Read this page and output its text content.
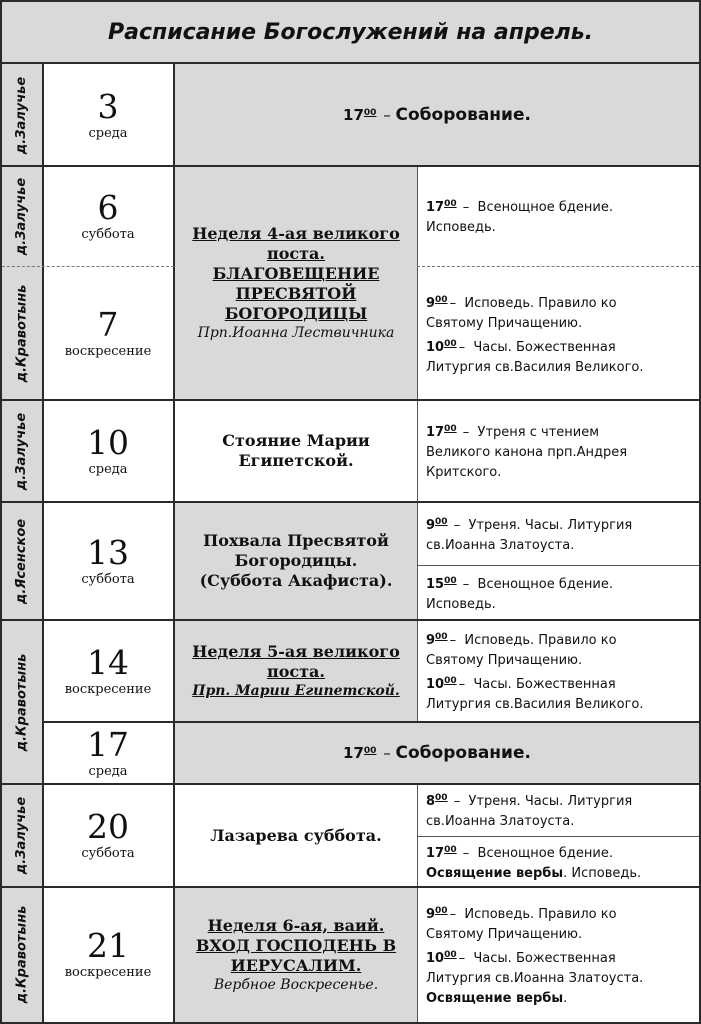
Расписание Богослужений на апрель.
д.Залучье
д.Залучье
д.Кравотынь
д.Залучье
д.Ясенское
д.Кравотынь
д.Залучье
д.Кравотынь
3
среда
6
суббота
7
воскресение
10
среда
13
суббота
14
воскресение
17
среда
20
суббота
21
воскресение

$17^{00}$ – Соборование.

$17^{00}$ – Соборование.

Неделя 4-ая великого
поста.
БЛАГОВЕЩЕНИЕ
ПРЕСВЯТОЙ
БОГОРОДИЦЫ
Прп.Иоанна Лествичника
Стояние Марии
Египетской.
Похвала Пресвятой
Богородицы.
(Суббота Акафиста).
Неделя 5-ая великого
поста.
Прп. Марии Египетской.
Лазарева суббота.
Неделя 6-ая, ваий.
ВХОД ГОСПОДЕНЬ В
ИЕРУСАЛИМ.
Вербное Воскресенье.

$17^{00}$ – Всенощное бдение.

Исповедь.

$9^{00}$ – Исповедь. Правило ко

Святому Причащению.

$10^{00}$ – Часы. Божественная

Литургия св.Василия Великого.

$17^{00}$ – Утреня с чтением

Великого канона прп.Андрея

Критского.

$9^{00}$ – Утреня. Часы. Литургия

св.Иоанна Златоуста.

$15^{00}$ – Всенощное бдение.

Исповедь.

$9^{00}$ – Исповедь. Правило ко

Святому Причащению.

$10^{00}$ – Часы. Божественная

Литургия св.Василия Великого.

$8^{00}$ – Утреня. Часы. Литургия

св.Иоанна Златоуста.

$17^{00}$ – Всенощное бдение.

Освящение вербы. Исповедь.

$9^{00}$ – Исповедь. Правило ко

Святому Причащению.

$10^{00}$ – Часы. Божественная

Литургия св.Иоанна Златоуста.

Освящение вербы.
